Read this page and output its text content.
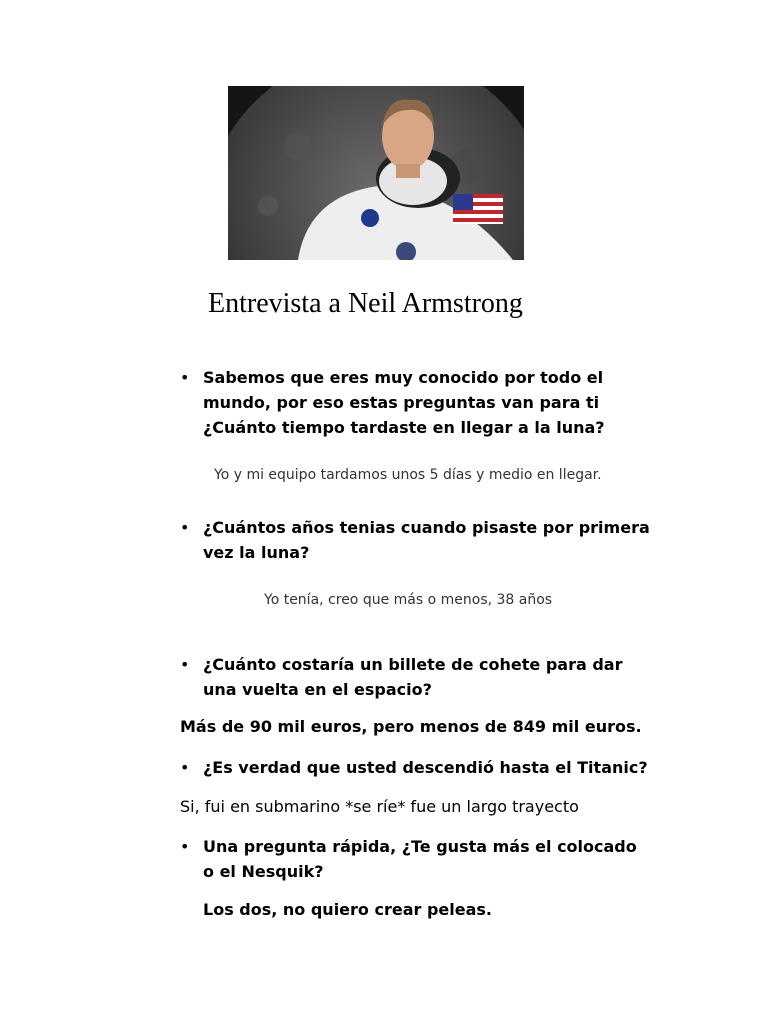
Entrevista a Neil Armstrong
• Sabemos que eres muy conocido por todo el mundo, por eso estas preguntas van para ti ¿Cuánto tiempo tardaste en llegar a la luna?
Yo y mi equipo tardamos unos 5 días y medio en llegar.
• ¿Cuántos años tenias cuando pisaste por primera vez la luna?
Yo tenía, creo que más o menos, 38 años
• ¿Cuánto costaría un billete de cohete para dar una vuelta en el espacio?
Más de 90 mil euros, pero menos de 849 mil euros.
• ¿Es verdad que usted descendió hasta el Titanic?
Si, fui en submarino *se ríe* fue un largo trayecto
• Una pregunta rápida, ¿Te gusta más el colocado o el Nesquik?
Los dos, no quiero crear peleas.
